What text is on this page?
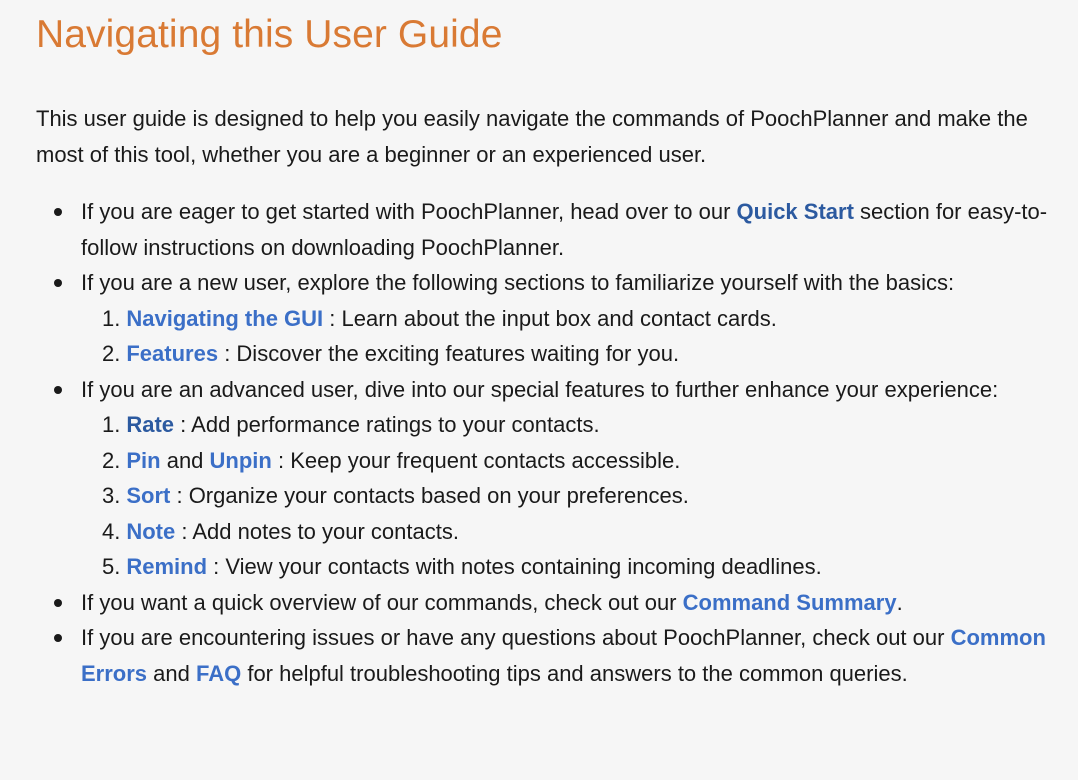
Navigating this User Guide

This user guide is designed to help you easily navigate the commands of PoochPlanner and make the most of this tool, whether you are a beginner or an experienced user.

If you are eager to get started with PoochPlanner, head over to our Quick Start section for easy-to-follow instructions on downloading PoochPlanner.
If you are a new user, explore the following sections to familiarize yourself with the basics:
1. Navigating the GUI : Learn about the input box and contact cards.
2. Features : Discover the exciting features waiting for you.
If you are an advanced user, dive into our special features to further enhance your experience:
1. Rate : Add performance ratings to your contacts.
2. Pin and Unpin : Keep your frequent contacts accessible.
3. Sort : Organize your contacts based on your preferences.
4. Note : Add notes to your contacts.
5. Remind : View your contacts with notes containing incoming deadlines.
If you want a quick overview of our commands, check out our Command Summary.
If you are encountering issues or have any questions about PoochPlanner, check out our Common Errors and FAQ for helpful troubleshooting tips and answers to the common queries.
